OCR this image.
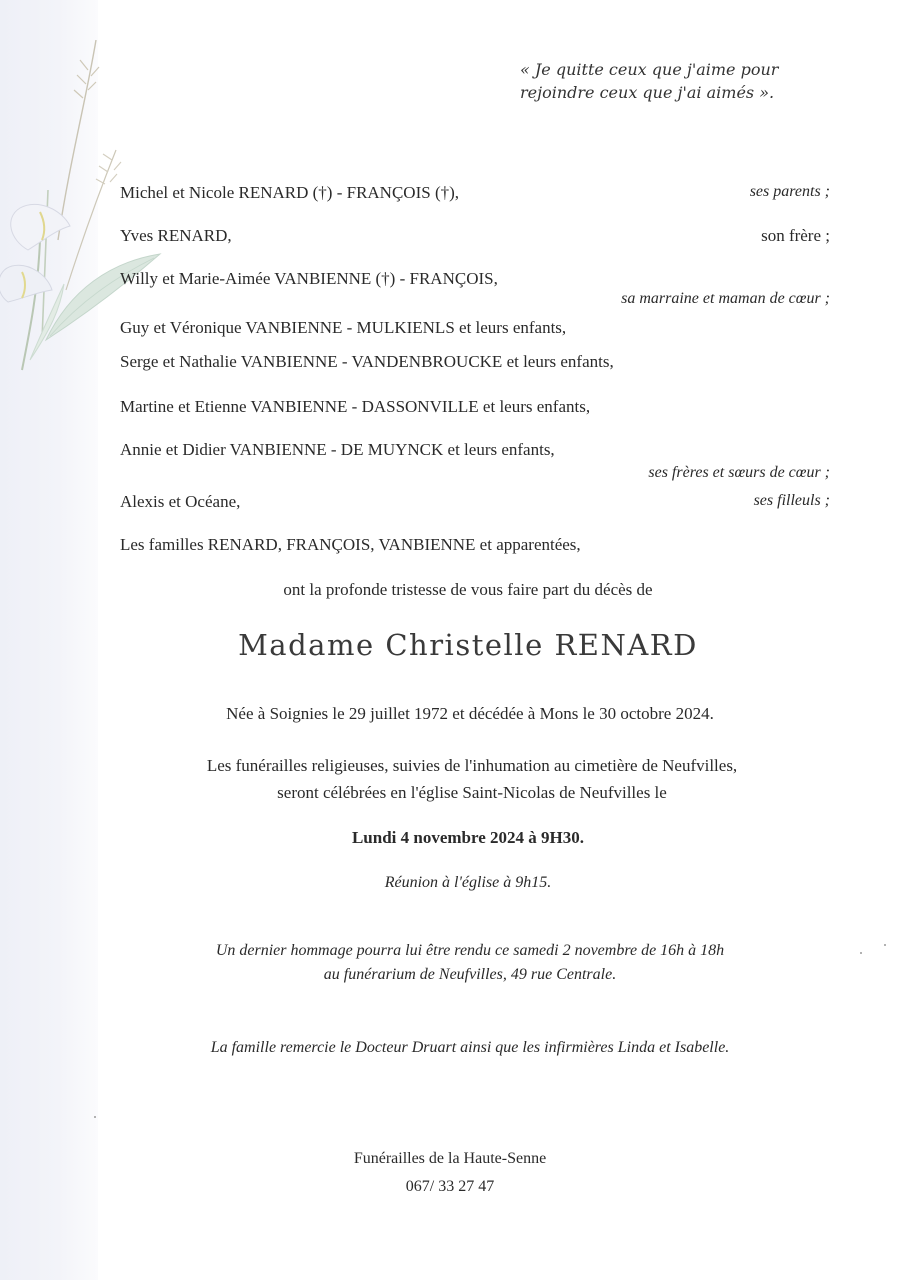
« Je quitte ceux que j'aime pour
rejoindre ceux que j'ai aimés ».
Michel et Nicole RENARD (†) - FRANÇOIS (†),	ses parents ;
Yves RENARD,	son frère ;
Willy et Marie-Aimée VANBIENNE (†) - FRANÇOIS,
sa marraine et maman de cœur ;
Guy et Véronique VANBIENNE - MULKIENLS et leurs enfants,
Serge et Nathalie VANBIENNE - VANDENBROUCKE et leurs enfants,
Martine et Etienne VANBIENNE - DASSONVILLE et leurs enfants,
Annie et Didier VANBIENNE - DE MUYNCK et leurs enfants,
ses frères et sœurs de cœur ;
Alexis et Océane,	ses filleuls ;
Les familles RENARD, FRANÇOIS, VANBIENNE et apparentées,
ont la profonde tristesse de vous faire part du décès de
Madame Christelle RENARD
Née à Soignies le 29 juillet 1972 et décédée à Mons le 30 octobre 2024.
Les funérailles religieuses, suivies de l'inhumation au cimetière de Neufvilles,
seront célébrées en l'église Saint-Nicolas de Neufvilles le
Lundi 4 novembre 2024 à 9H30.
Réunion à l'église à 9h15.
Un dernier hommage pourra lui être rendu ce samedi 2 novembre de 16h à 18h
au funérarium de Neufvilles, 49 rue Centrale.
La famille remercie le Docteur Druart ainsi que les infirmières Linda et Isabelle.
Funérailles de la Haute-Senne
067/ 33 27 47
